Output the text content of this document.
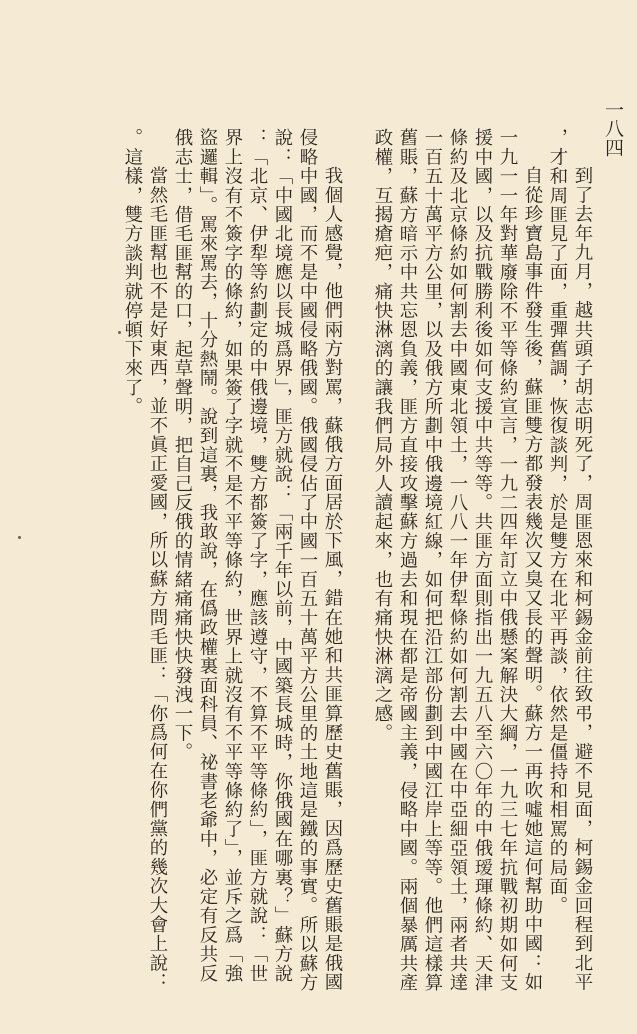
一八四
到了去年九月，越共頭子胡志明死了，周匪恩來和柯錫金前往致弔，避不見面，柯錫金回程到北平
，才和周匪見了面，重彈舊調，恢復談判，於是雙方在北平再談，依然是僵持和相罵的局面。
自從珍寶島事件發生後，蘇匪雙方都發表幾次又臭又長的聲明。蘇方一再吹噓她這何幫助中國：如
一九一一年對華廢除不平等條約宣言，一九二四年訂立中俄懸案解決大綱，一九三七年抗戰初期如何支
援中國，以及抗戰勝利後如何支援中共等等。共匪方面則指出一九五八至六〇年的中俄瑷琿條約、天津
條約及北京條約如何割去中國東北領土，一八八一年伊犁條約如何割去中國在中亞細亞領土，兩者共達
一百五十萬平方公里，以及俄方所劃中俄邊境紅線，如何把沿江部份劃到中國江岸上等等。他們這樣算
舊賬，蘇方暗示中共忘恩負義，匪方直接攻擊蘇方過去和現在都是帝國主義，侵略中國。兩個暴厲共產
政權，互揭瘡疤，痛快淋漓的讓我們局外人讀起來，也有痛快淋漓之感。
我個人感覺，他們兩方對罵，蘇俄方面居於下風，錯在她和共匪算歷史舊賬，因爲歷史舊賬是俄國
侵略中國，而不是中國侵略俄國。俄國侵佔了中國一百五十萬平方公里的土地這是鐵的事實。所以蘇方
說：「中國北境應以長城爲界」，匪方就說：「兩千年以前，中國築長城時，你俄國在哪裏？」蘇方說
：「北京、伊犁等約劃定的中俄邊境，雙方都簽了字，應該遵守，不算不平等條約」，匪方就說：「世
界上沒有不簽字的條約，如果簽了字就不是不平等條約，世界上就沒有不平等條約了」，並斥之爲「強
盜邏輯」。罵來罵去，十分熱鬧。說到這裏，我敢說，在僞政權裏面科員、祕書老爺中，必定有反共反
俄志士，借毛匪幫的口，起草聲明，把自己反俄的情緒痛痛快快發洩一下。
當然毛匪幫也不是好東西，並不眞正愛國，所以蘇方問毛匪：「你爲何在你們黨的幾次大會上說：
。這樣，雙方談判就停頓下來了。
